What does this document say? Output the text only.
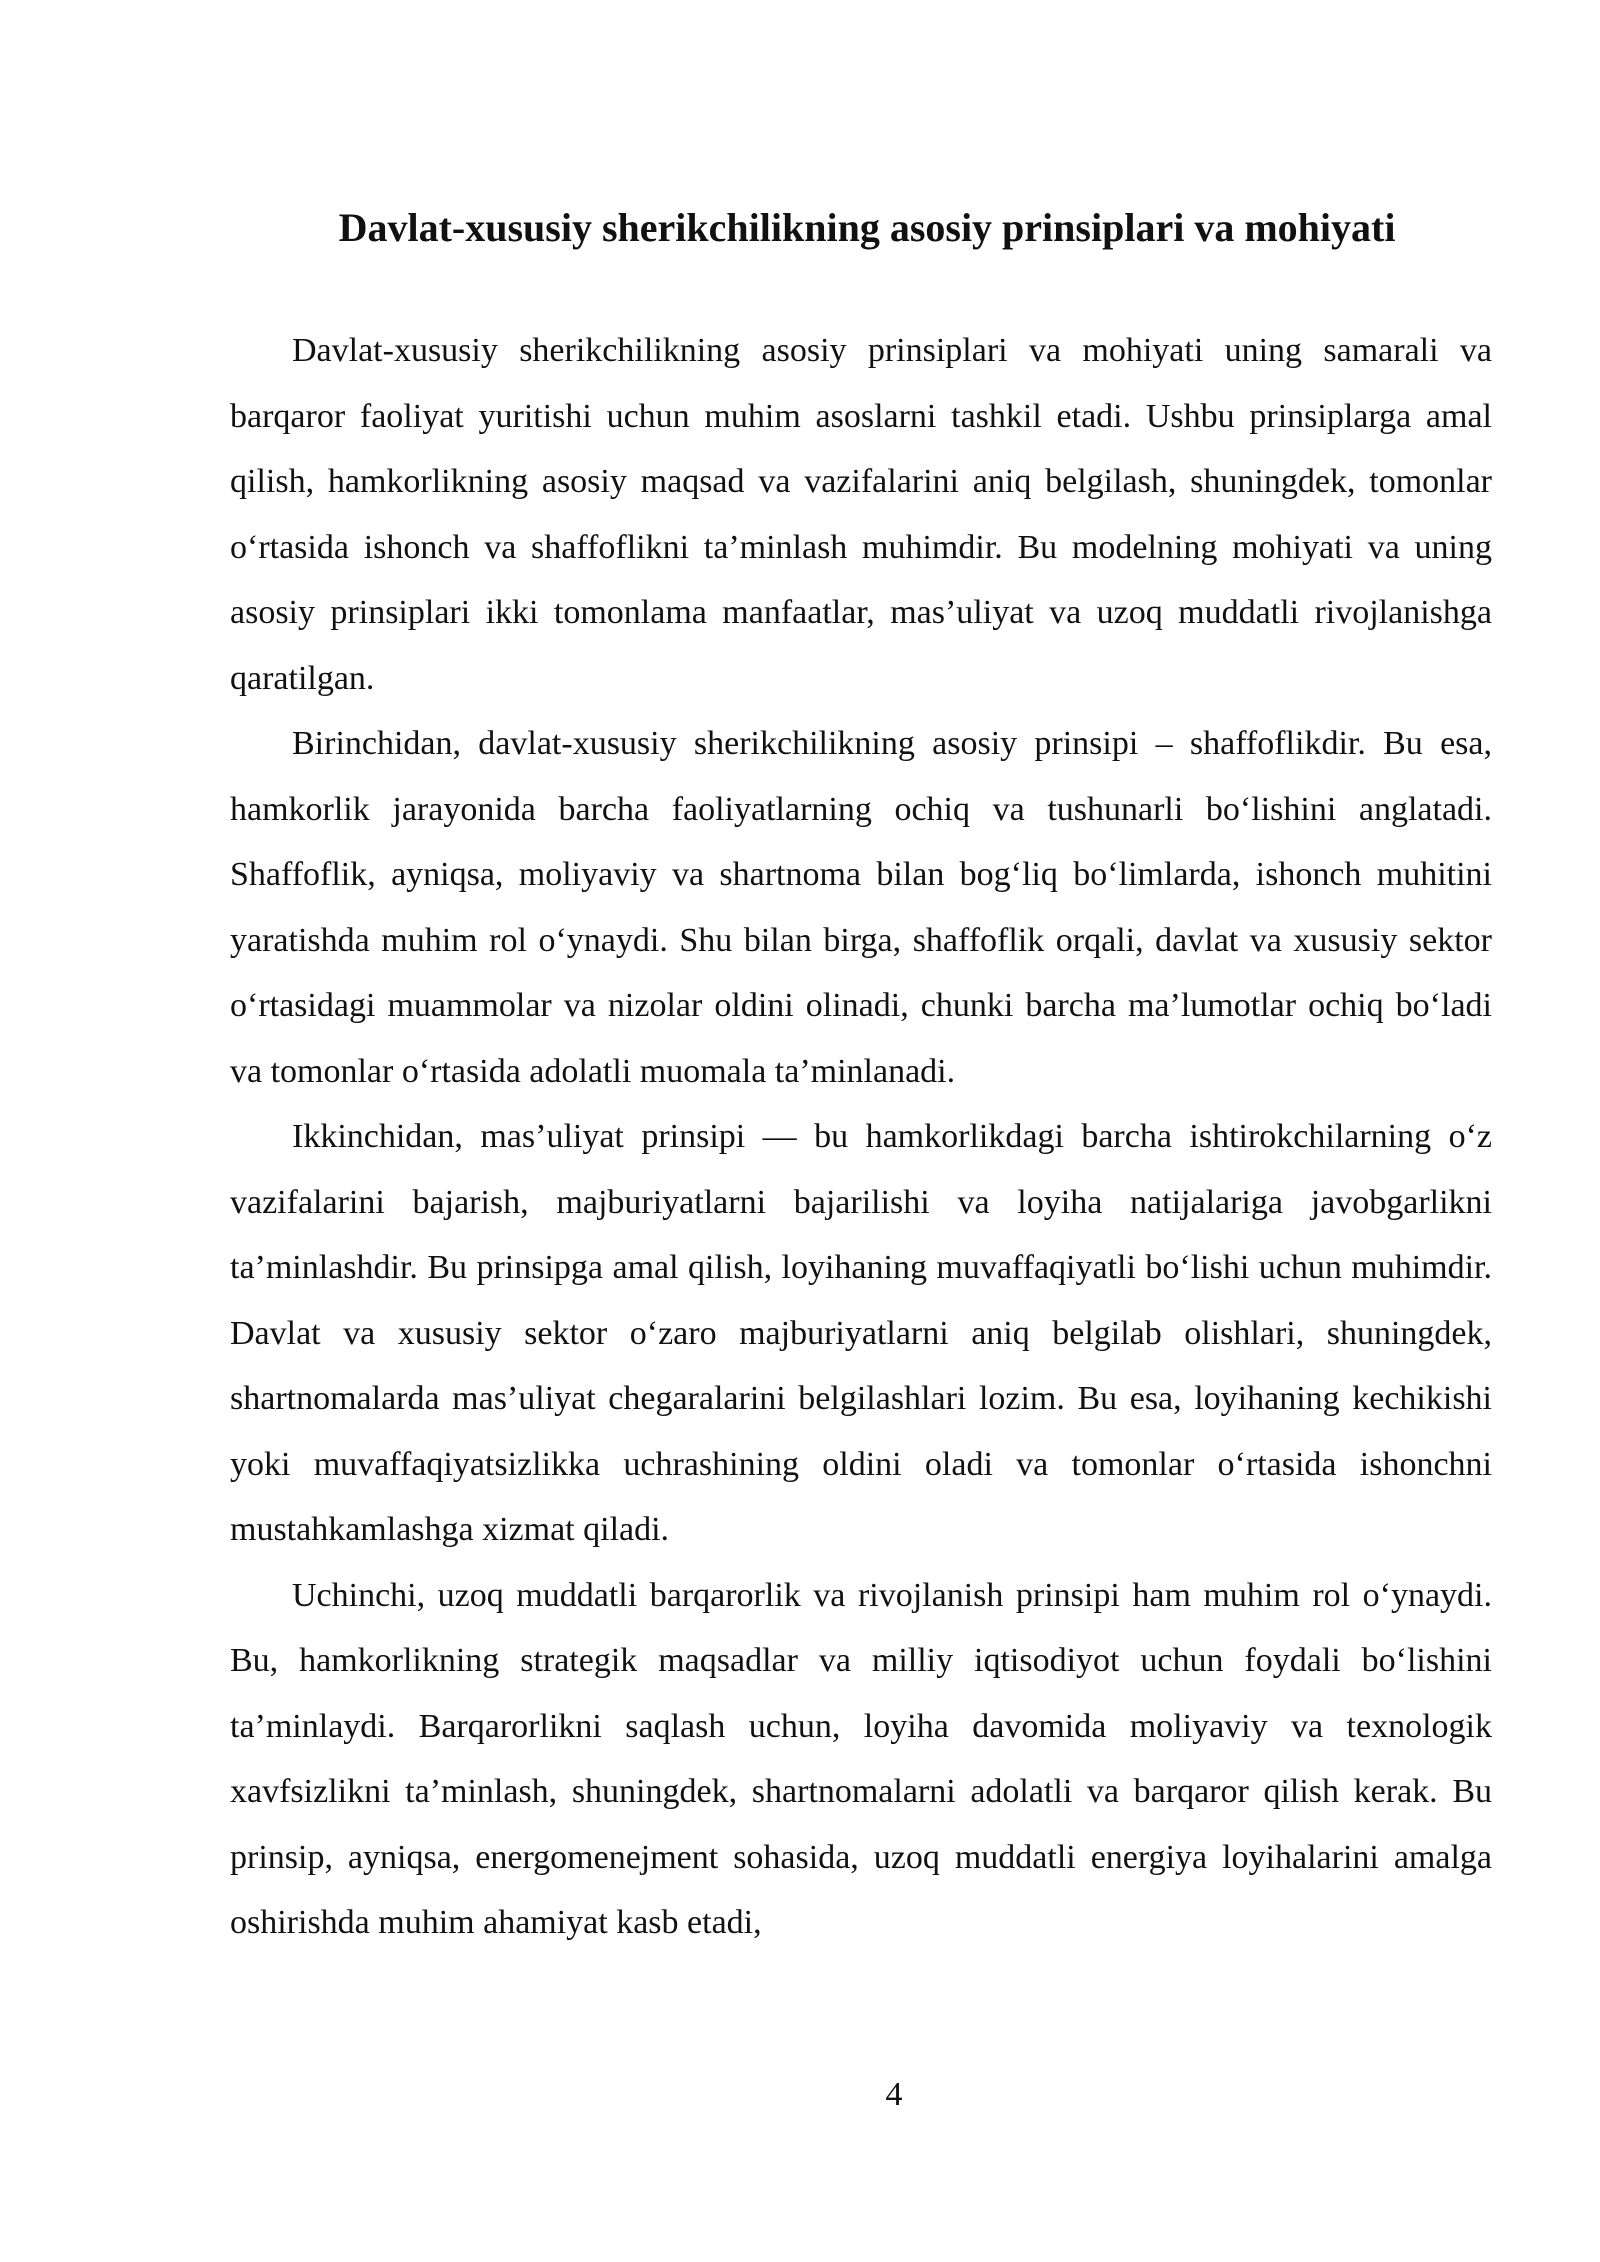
Davlat-xususiy sherikchilikning asosiy prinsiplari va mohiyati

Davlat-xususiy sherikchilikning asosiy prinsiplari va mohiyati uning samarali va barqaror faoliyat yuritishi uchun muhim asoslarni tashkil etadi. Ushbu prinsiplarga amal qilish, hamkorlikning asosiy maqsad va vazifalarini aniq belgilash, shuningdek, tomonlar o‘rtasida ishonch va shaffoflikni ta’minlash muhimdir. Bu modelning mohiyati va uning asosiy prinsiplari ikki tomonlama manfaatlar, mas’uliyat va uzoq muddatli rivojlanishga qaratilgan.

Birinchidan, davlat-xususiy sherikchilikning asosiy prinsipi – shaffoflikdir. Bu esa, hamkorlik jarayonida barcha faoliyatlarning ochiq va tushunarli bo‘lishini anglatadi. Shaffoflik, ayniqsa, moliyaviy va shartnoma bilan bog‘liq bo‘limlarda, ishonch muhitini yaratishda muhim rol o‘ynaydi. Shu bilan birga, shaffoflik orqali, davlat va xususiy sektor o‘rtasidagi muammolar va nizolar oldini olinadi, chunki barcha ma’lumotlar ochiq bo‘ladi va tomonlar o‘rtasida adolatli muomala ta’minlanadi.

Ikkinchidan, mas’uliyat prinsipi — bu hamkorlikdagi barcha ishtirokchilarning o‘z vazifalarini bajarish, majburiyatlarni bajarilishi va loyiha natijalariga javobgarlikni ta’minlashdir. Bu prinsipga amal qilish, loyihaning muvaffaqiyatli bo‘lishi uchun muhimdir. Davlat va xususiy sektor o‘zaro majburiyatlarni aniq belgilab olishlari, shuningdek, shartnomalarda mas’uliyat chegaralarini belgilashlari lozim. Bu esa, loyihaning kechikishi yoki muvaffaqiyatsizlikka uchrashining oldini oladi va tomonlar o‘rtasida ishonchni mustahkamlashga xizmat qiladi.

Uchinchi, uzoq muddatli barqarorlik va rivojlanish prinsipi ham muhim rol o‘ynaydi. Bu, hamkorlikning strategik maqsadlar va milliy iqtisodiyot uchun foydali bo‘lishini ta’minlaydi. Barqarorlikni saqlash uchun, loyiha davomida moliyaviy va texnologik xavfsizlikni ta’minlash, shuningdek, shartnomalarni adolatli va barqaror qilish kerak. Bu prinsip, ayniqsa, energomenejment sohasida, uzoq muddatli energiya loyihalarini amalga oshirishda muhim ahamiyat kasb etadi,

4
